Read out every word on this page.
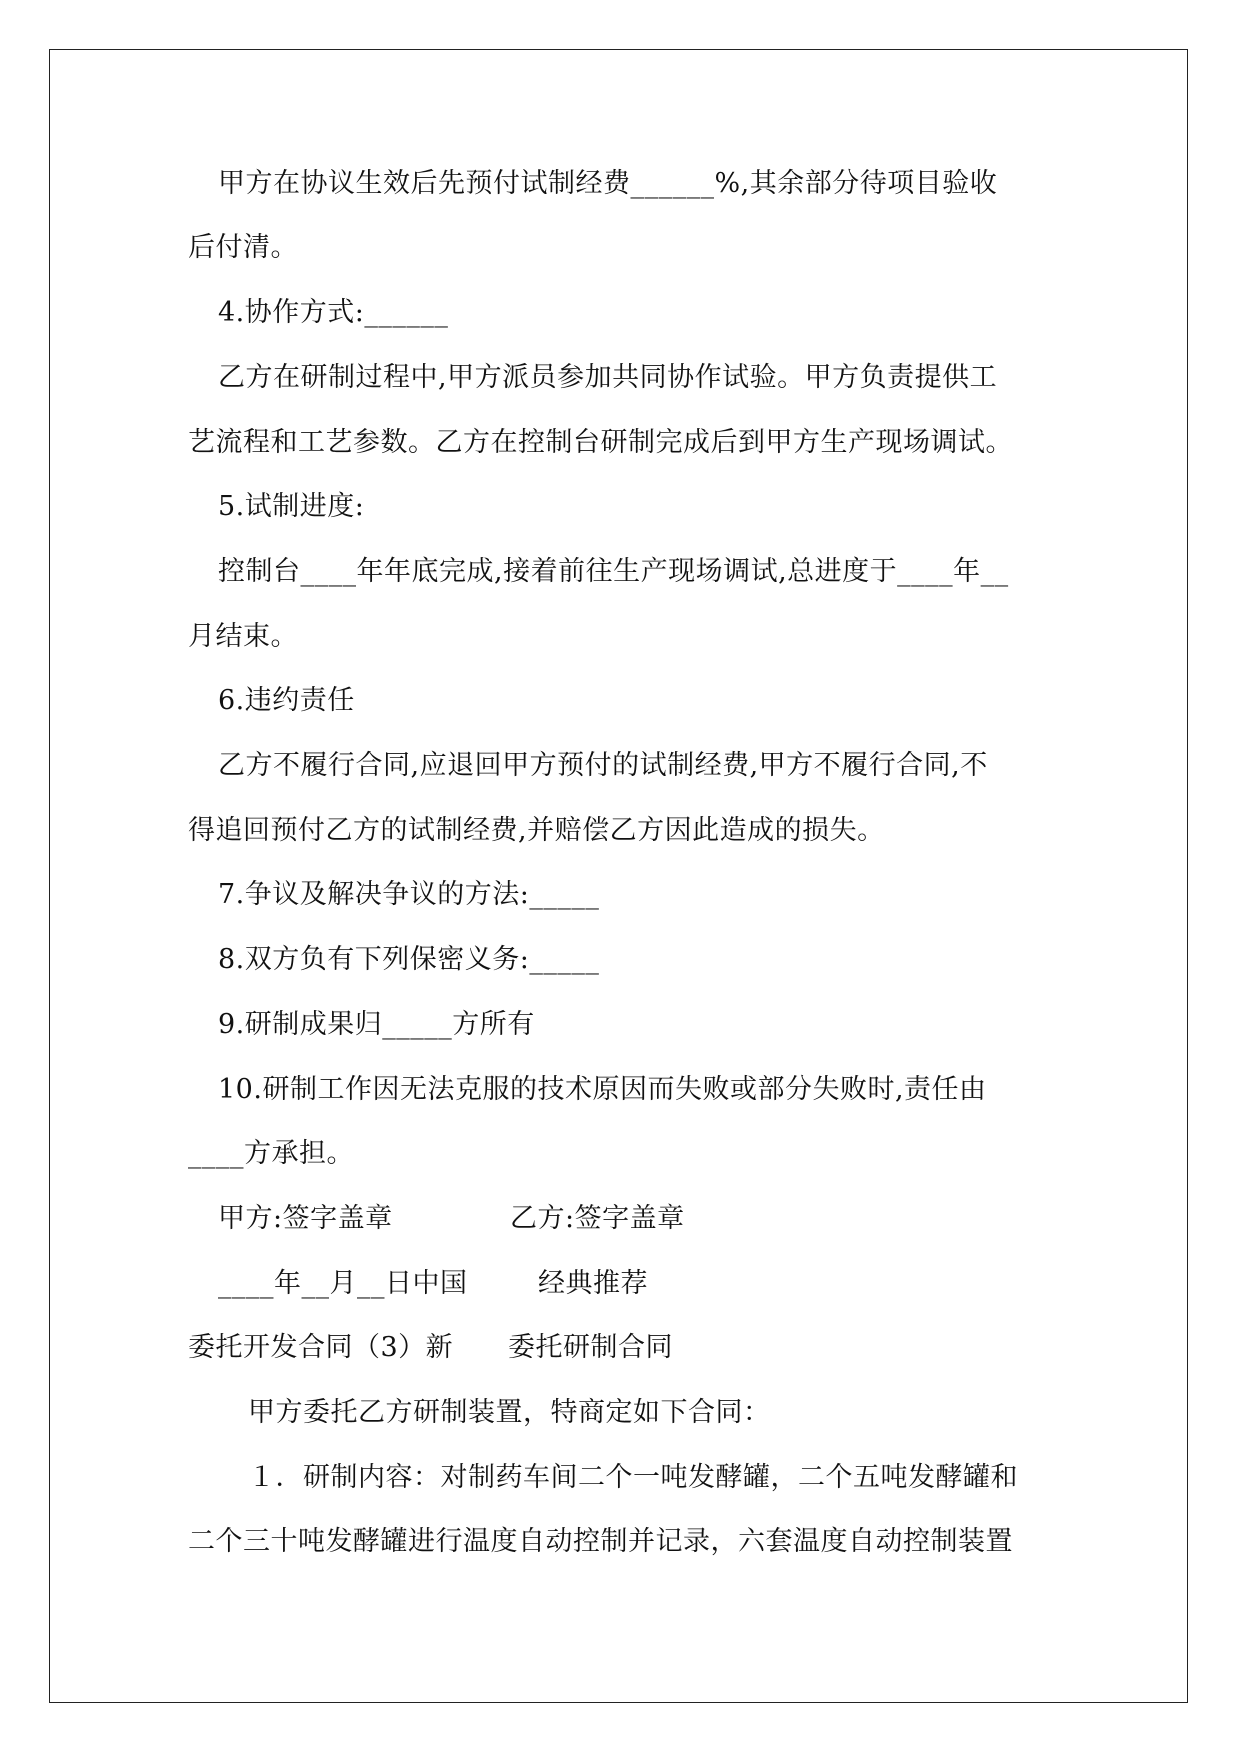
甲方在协议生效后先预付试制经费______%,其余部分待项目验收
后付清。
4.协作方式:______
乙方在研制过程中,甲方派员参加共同协作试验。甲方负责提供工
艺流程和工艺参数。乙方在控制台研制完成后到甲方生产现场调试。
5.试制进度:
控制台____年年底完成,接着前往生产现场调试,总进度于____年__
月结束。
6.违约责任
乙方不履行合同,应退回甲方预付的试制经费,甲方不履行合同,不
得追回预付乙方的试制经费,并赔偿乙方因此造成的损失。
7.争议及解决争议的方法:_____
8.双方负有下列保密义务:_____
9.研制成果归_____方所有
10.研制工作因无法克服的技术原因而失败或部分失败时,责任由
____方承担。
甲方:签字盖章	乙方:签字盖章
____年__月__日中国	经典推荐
委托开发合同（3）新 委托研制合同
甲方委托乙方研制装置，特商定如下合同：
１．研制内容：对制药车间二个一吨发酵罐，二个五吨发酵罐和
二个三十吨发酵罐进行温度自动控制并记录，六套温度自动控制装置
